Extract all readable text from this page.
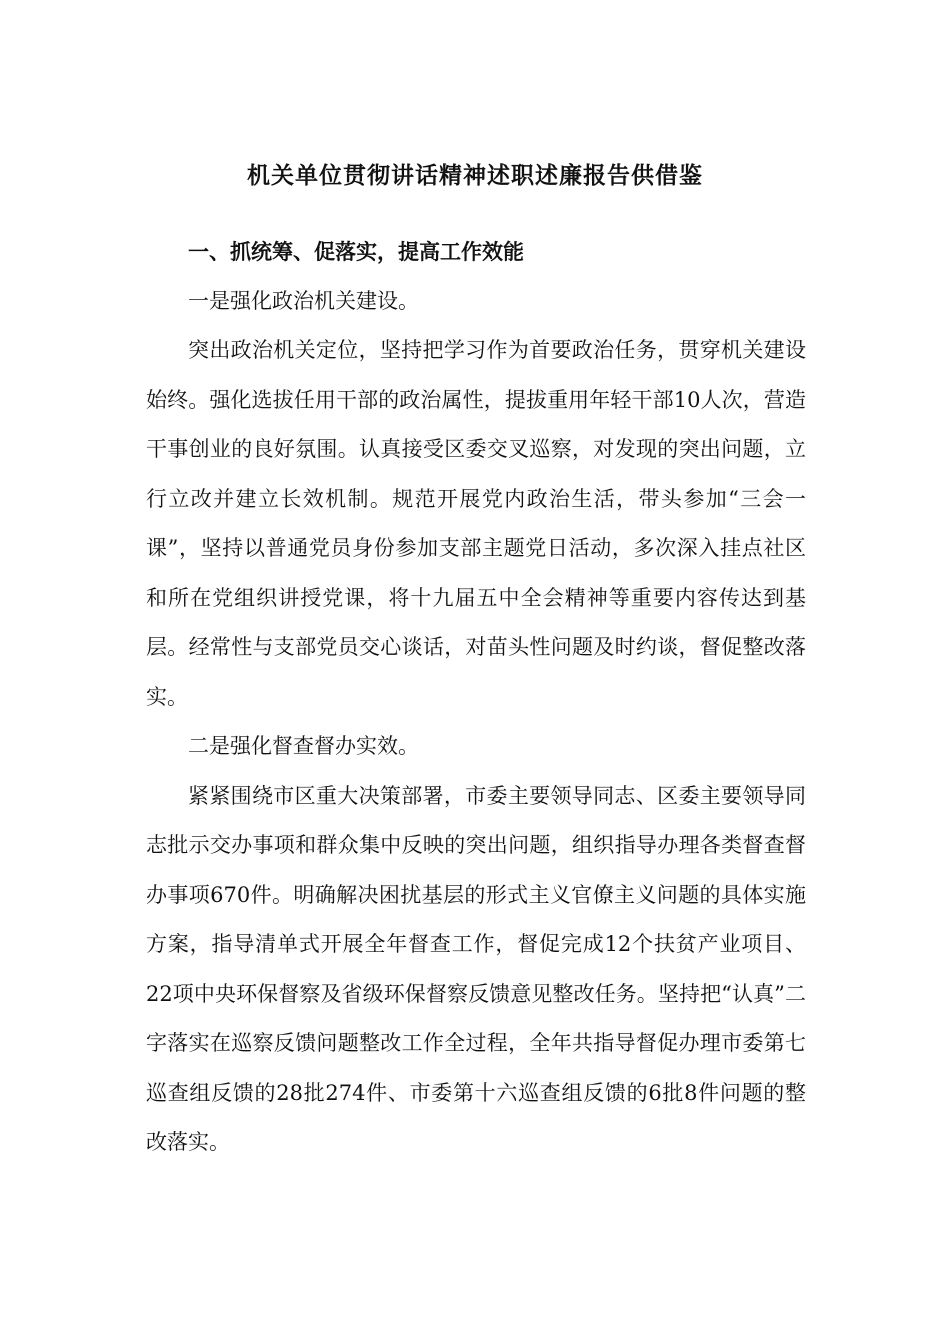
机关单位贯彻讲话精神述职述廉报告供借鉴

一、抓统筹、促落实，提高工作效能

一是强化政治机关建设。

突出政治机关定位，坚持把学习作为首要政治任务，贯穿机关建设始终。强化选拔任用干部的政治属性，提拔重用年轻干部10人次，营造干事创业的良好氛围。认真接受区委交叉巡察，对发现的突出问题，立行立改并建立长效机制。规范开展党内政治生活，带头参加“三会一课”，坚持以普通党员身份参加支部主题党日活动，多次深入挂点社区和所在党组织讲授党课，将十九届五中全会精神等重要内容传达到基层。经常性与支部党员交心谈话，对苗头性问题及时约谈，督促整改落实。

二是强化督查督办实效。

紧紧围绕市区重大决策部署，市委主要领导同志、区委主要领导同志批示交办事项和群众集中反映的突出问题，组织指导办理各类督查督办事项670件。明确解决困扰基层的形式主义官僚主义问题的具体实施方案，指导清单式开展全年督查工作，督促完成12个扶贫产业项目、22项中央环保督察及省级环保督察反馈意见整改任务。坚持把“认真”二字落实在巡察反馈问题整改工作全过程，全年共指导督促办理市委第七巡查组反馈的28批274件、市委第十六巡查组反馈的6批8件问题的整改落实。
